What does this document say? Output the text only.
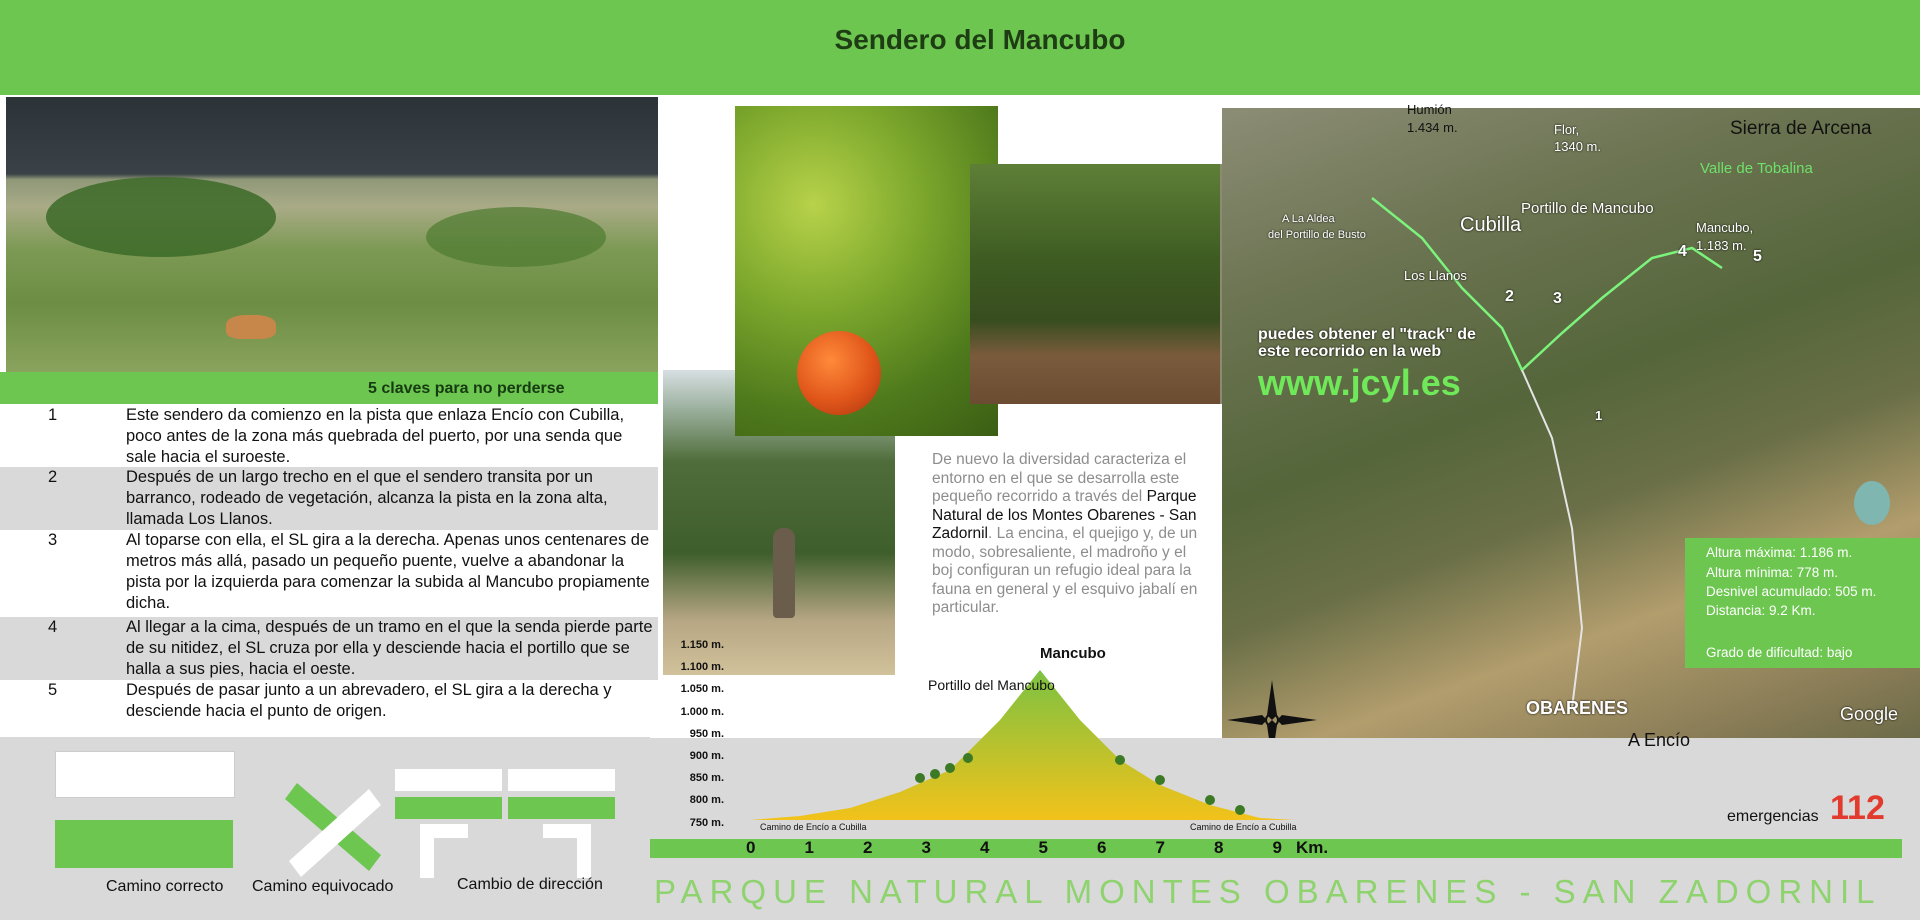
Sendero del Mancubo
5 claves para no perderse
1	Este sendero da comienzo en la pista que enlaza Encío con Cubilla, poco antes de la zona más quebrada del puerto, por una senda que sale hacia el suroeste.
2	Después de un largo trecho en el que el sendero transita por un barranco, rodeado de vegetación, alcanza la pista en la zona alta, llamada Los Llanos.
3	Al toparse con ella, el SL gira a la derecha. Apenas unos centenares de metros más allá, pasado un pequeño puente, vuelve a abandonar la pista por la izquierda para comenzar la subida al Mancubo propiamente dicha.
4	Al llegar a la cima, después de un tramo en el que la senda pierde parte de su nitidez, el SL cruza por ella y desciende hacia el portillo que se halla a sus pies, hacia el oeste.
5	Después de pasar junto a un abrevadero, el SL gira a la derecha y desciende hacia el punto de origen.
Camino correcto Camino equivocado	Cambio de dirección
De nuevo la diversidad caracteriza el entorno en el que se desarrolla este pequeño recorrido a través del Parque Natural de los Montes Obarenes - San Zadornil. La encina, el quejigo y, de un modo, sobresaliente, el madroño y el boj configuran un refugio ideal para la fauna en general y el esquivo jabalí en particular.
Humión
1.434 m.	Flor,
1340 m.
Sierra de Arcena
Valle de Tobalina
A La Aldea
del Portillo de Busto	Cubilla
Portillo de Mancubo
Mancubo,
1.183 m.
Los Llanos
1
2 3
4	5
puedes obtener el "track" de
este recorrido en la web
www.jcyl.es
OBARENES	Google
Altura máxima: 1.186 m.
Altura mínima: 778 m.
Desnivel acumulado: 505 m.
Distancia: 9.2 Km.
Grado de dificultad: bajo
A Encío
emergencias 112
Mancubo
Portillo del Mancubo
Camino de Encío a Cubilla	Camino de Encío a Cubilla
1.150 m.
1.100 m.
1.050 m.
1.000 m.
950 m.
900 m.
850 m.
800 m.
750 m.
0	1	2	3	4	5	6	7	8	9 Km.
PARQUE NATURAL MONTES OBARENES - SAN ZADORNIL
